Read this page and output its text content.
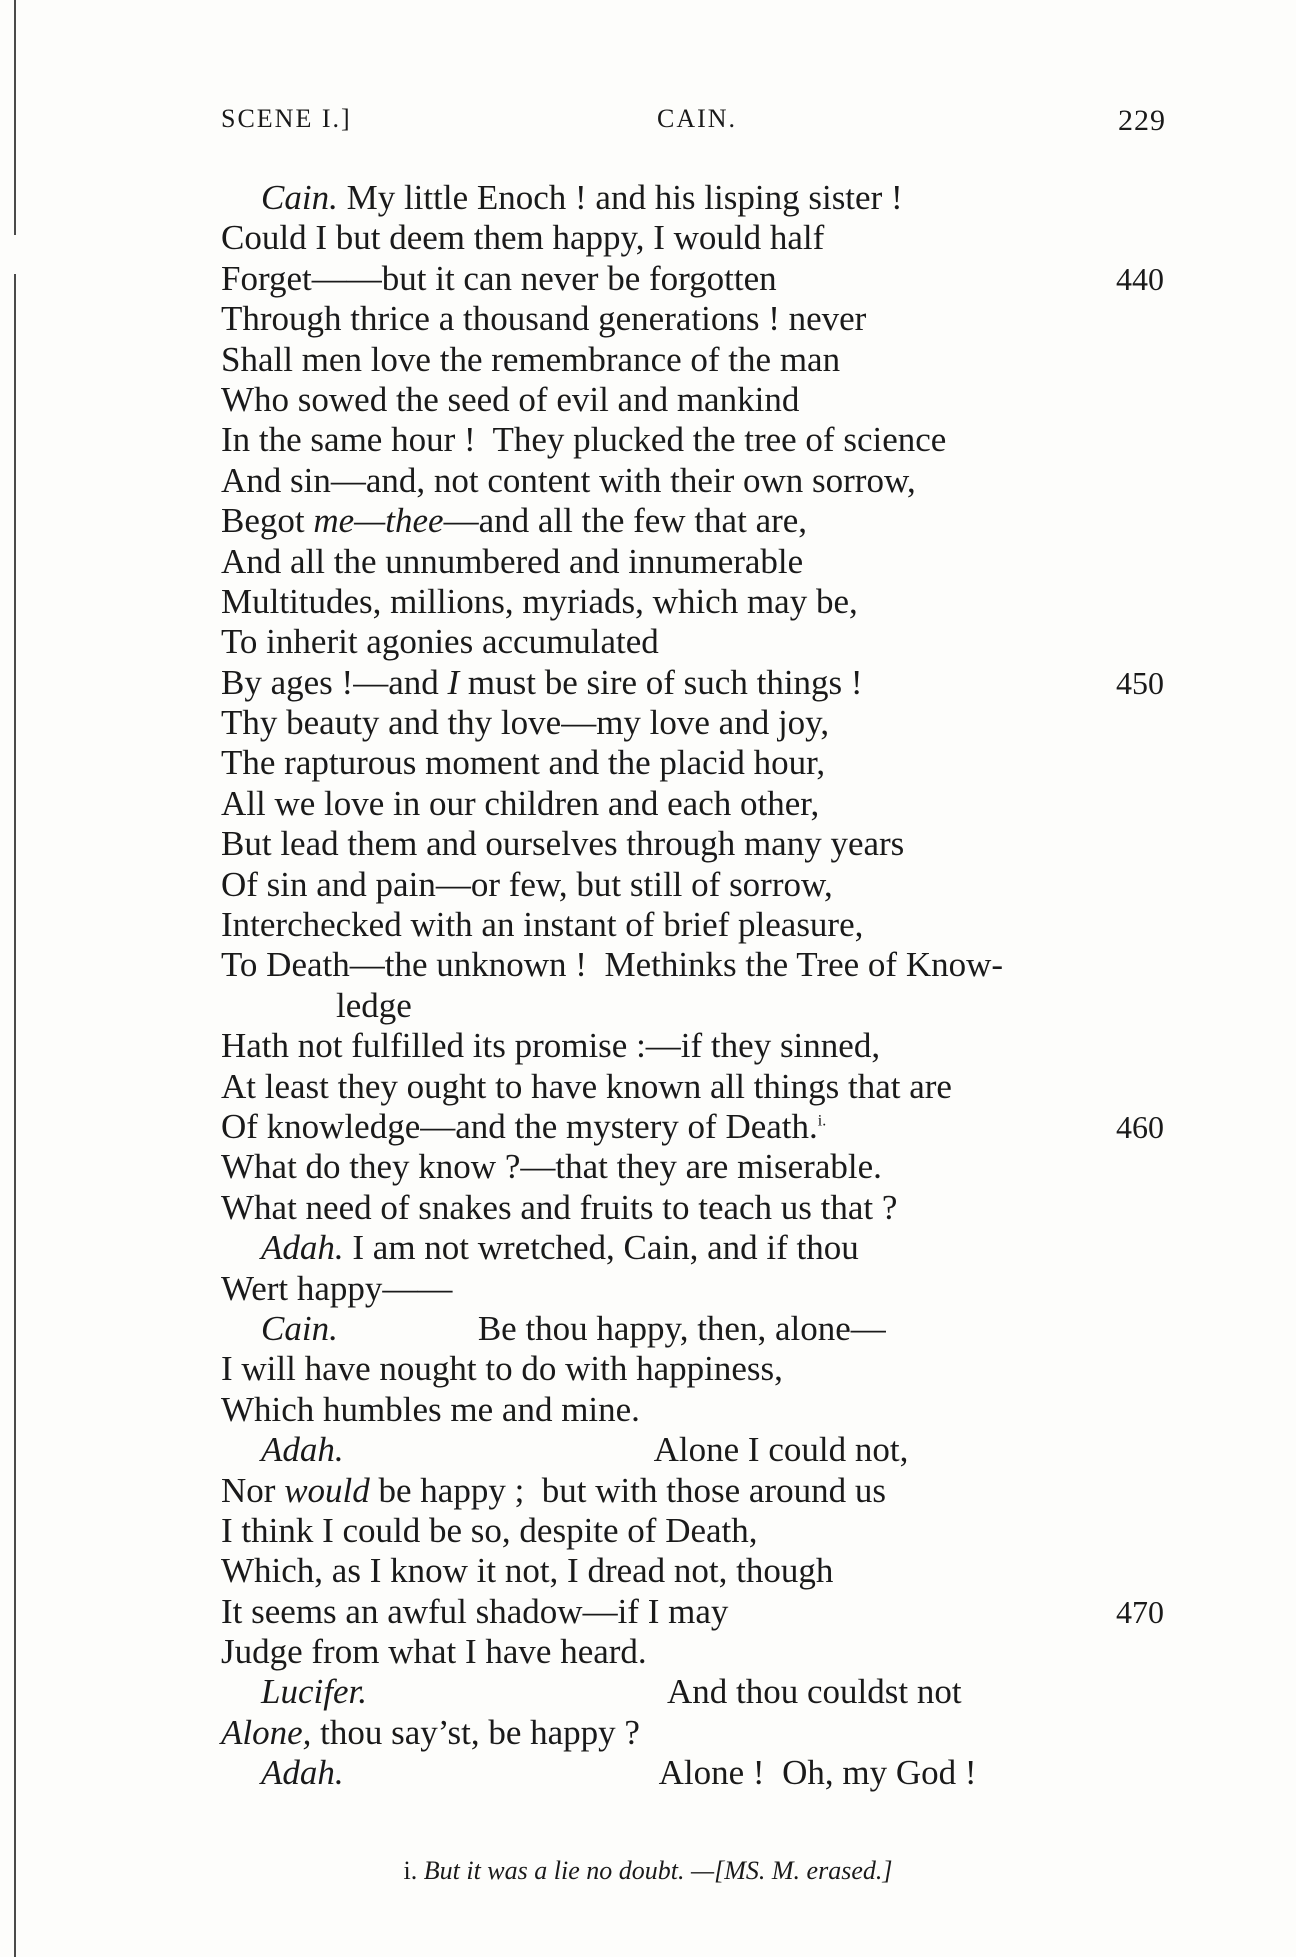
SCENE I.]	CAIN.	229
Cain. My little Enoch ! and his lisping sister !
Could I but deem them happy, I would half
Forget——but it can never be forgotten	440
Through thrice a thousand generations ! never
Shall men love the remembrance of the man
Who sowed the seed of evil and mankind
In the same hour !  They plucked the tree of science
And sin—and, not content with their own sorrow,
Begot me—thee—and all the few that are,
And all the unnumbered and innumerable
Multitudes, millions, myriads, which may be,
To inherit agonies accumulated
By ages !—and I must be sire of such things !	450
Thy beauty and thy love—my love and joy,
The rapturous moment and the placid hour,
All we love in our children and each other,
But lead them and ourselves through many years
Of sin and pain—or few, but still of sorrow,
Interchecked with an instant of brief pleasure,
To Death—the unknown !  Methinks the Tree of Know-
ledge
Hath not fulfilled its promise :—if they sinned,
At least they ought to have known all things that are
Of knowledge—and the mystery of Death.$^{i.}$	460
What do they know ?—that they are miserable.
What need of snakes and fruits to teach us that ?
Adah. I am not wretched, Cain, and if thou
Wert happy——
Cain.	Be thou happy, then, alone—
I will have nought to do with happiness,
Which humbles me and mine.
Adah.	Alone I could not,
Nor would be happy ;  but with those around us
I think I could be so, despite of Death,
Which, as I know it not, I dread not, though
It seems an awful shadow—if I may	470
Judge from what I have heard.
Lucifer.	And thou couldst not
Alone, thou say’st, be happy ?
Adah.	Alone !  Oh, my God !
i. But it was a lie no doubt. —[MS. M. erased.]
